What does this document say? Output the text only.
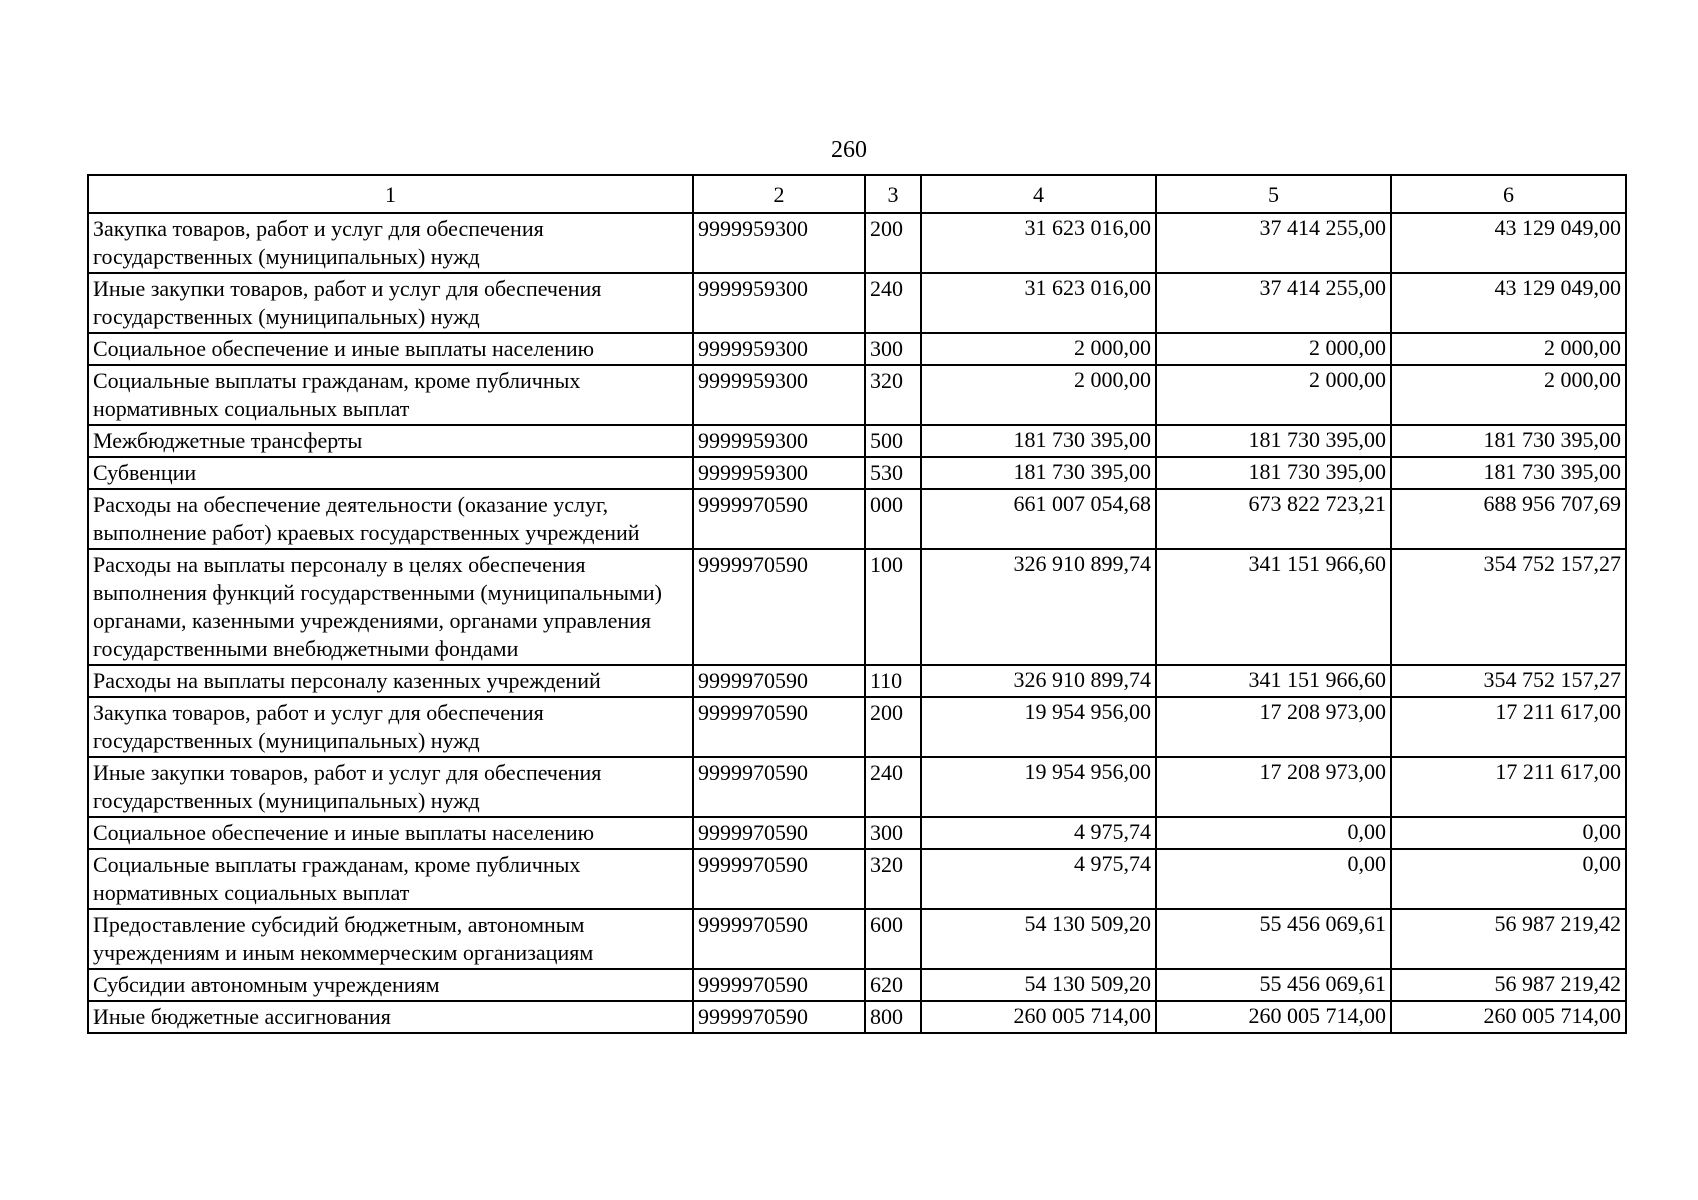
260
1	2	3	4	5	6
Закупка товаров, работ и услуг для обеспечения государственных (муниципальных) нужд	9999959300	200	31 623 016,00	37 414 255,00	43 129 049,00
Иные закупки товаров, работ и услуг для обеспечения государственных (муниципальных) нужд	9999959300	240	31 623 016,00	37 414 255,00	43 129 049,00
Социальное обеспечение и иные выплаты населению	9999959300	300	2 000,00	2 000,00	2 000,00
Социальные выплаты гражданам, кроме публичных нормативных социальных выплат	9999959300	320	2 000,00	2 000,00	2 000,00
Межбюджетные трансферты	9999959300	500	181 730 395,00	181 730 395,00	181 730 395,00
Субвенции	9999959300	530	181 730 395,00	181 730 395,00	181 730 395,00
Расходы на обеспечение деятельности (оказание услуг, выполнение работ) краевых государственных учреждений	9999970590	000	661 007 054,68	673 822 723,21	688 956 707,69
Расходы на выплаты персоналу в целях обеспечения выполнения функций государственными (муниципальными) органами, казенными учреждениями, органами управления государственными внебюджетными фондами	9999970590	100	326 910 899,74	341 151 966,60	354 752 157,27
Расходы на выплаты персоналу казенных учреждений	9999970590	110	326 910 899,74	341 151 966,60	354 752 157,27
Закупка товаров, работ и услуг для обеспечения государственных (муниципальных) нужд	9999970590	200	19 954 956,00	17 208 973,00	17 211 617,00
Иные закупки товаров, работ и услуг для обеспечения государственных (муниципальных) нужд	9999970590	240	19 954 956,00	17 208 973,00	17 211 617,00
Социальное обеспечение и иные выплаты населению	9999970590	300	4 975,74	0,00	0,00
Социальные выплаты гражданам, кроме публичных нормативных социальных выплат	9999970590	320	4 975,74	0,00	0,00
Предоставление субсидий бюджетным, автономным учреждениям и иным некоммерческим организациям	9999970590	600	54 130 509,20	55 456 069,61	56 987 219,42
Субсидии автономным учреждениям	9999970590	620	54 130 509,20	55 456 069,61	56 987 219,42
Иные бюджетные ассигнования	9999970590	800	260 005 714,00	260 005 714,00	260 005 714,00
